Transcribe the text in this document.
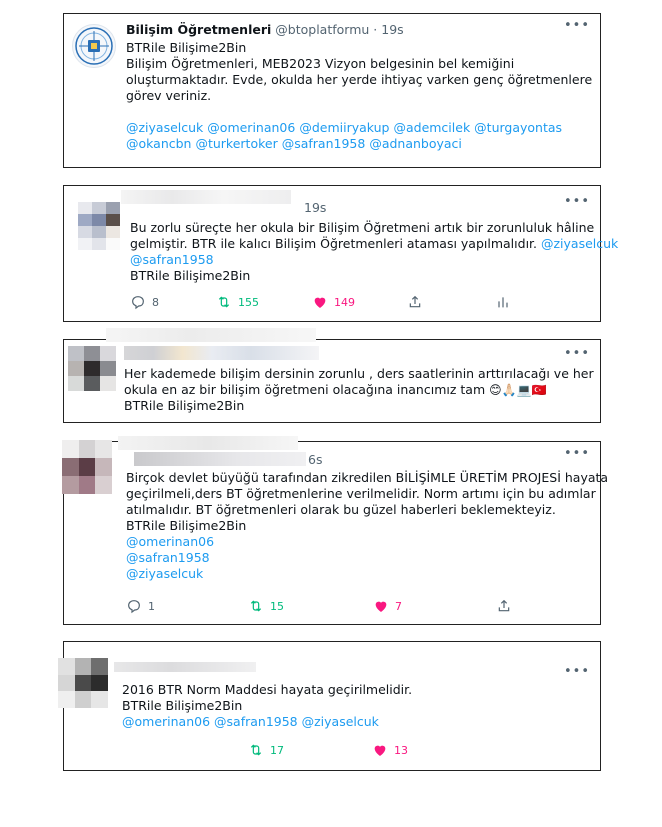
Bilişim Öğretmenleri @btoplatformu · 19s	•••
BTRile Bilişime2Bin
Bilişim Öğretmenleri, MEB2023 Vizyon belgesinin bel kemiğini
oluşturmaktadır. Evde, okulda her yerde ihtiyaç varken genç öğretmenlere
görev veriniz.

@ziyaselcuk @omerinan06 @demiiryakup @ademcilek @turgayontas
@okancbn @turkertoker @safran1958 @adnanboyaci
19s	•••
Bu zorlu süreçte her okula bir Bilişim Öğretmeni artık bir zorunluluk hâline
gelmiştir. BTR ile kalıcı Bilişim Öğretmenleri ataması yapılmalıdır. @ziyaselcuk
@safran1958
BTRile Bilişime2Bin
8	155	149
•••
Her kademede bilişim dersinin zorunlu , ders saatlerinin arttırılacağı ve her
okula en az bir bilişim öğretmeni olacağına inancımız tam 😊🙏🏻💻🇹🇷
BTRile Bilişime2Bin
6s	•••
Birçok devlet büyüğü tarafından zikredilen BİLİŞİMLE ÜRETİM PROJESİ hayata
geçirilmeli,ders BT öğretmenlerine verilmelidir. Norm artımı için bu adımlar
atılmalıdır. BT öğretmenleri olarak bu güzel haberleri beklemekteyiz.
BTRile Bilişime2Bin
@omerinan06
@safran1958
@ziyaselcuk
1	15	7
•••
2016 BTR Norm Maddesi hayata geçirilmelidir.
BTRile Bilişime2Bin
@omerinan06 @safran1958 @ziyaselcuk
17	13
